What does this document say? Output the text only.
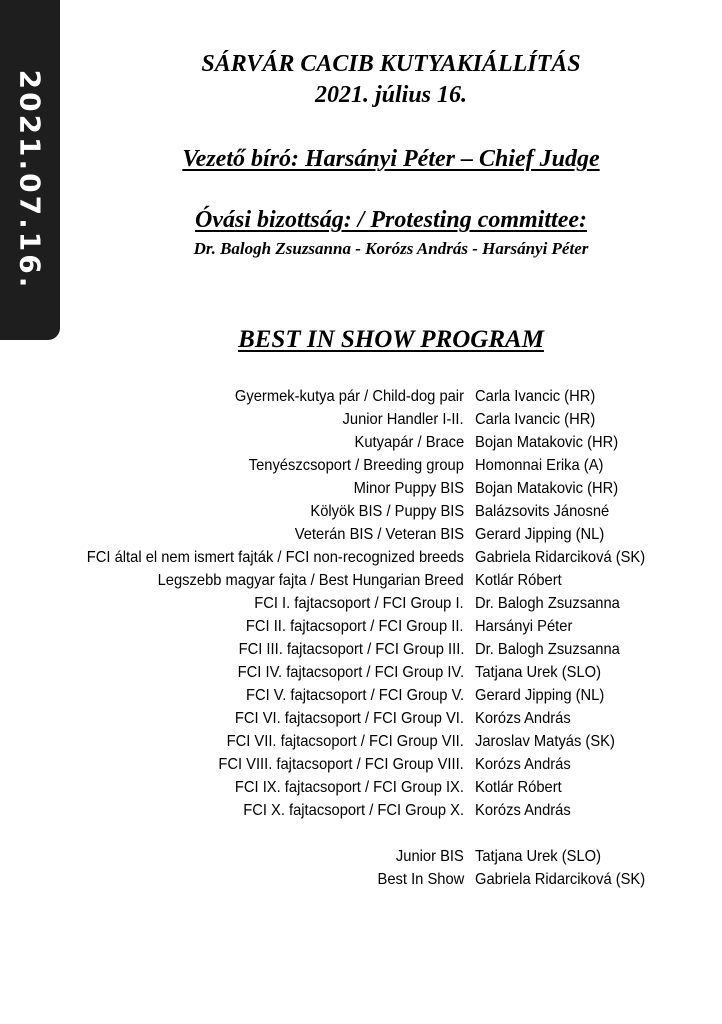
2021.07.16.
SÁRVÁR CACIB KUTYAKIÁLLÍTÁS
2021. július 16.
Vezető bíró: Harsányi Péter – Chief Judge
Óvási bizottság: / Protesting committee:
Dr. Balogh Zsuzsanna - Korózs András - Harsányi Péter
BEST IN SHOW PROGRAM
Gyermek-kutya pár / Child-dog pair Carla Ivancic (HR)
Junior Handler I-II. Carla Ivancic (HR)
Kutyapár / Brace Bojan Matakovic (HR)
Tenyészcsoport / Breeding group Homonnai Erika (A)
Minor Puppy BIS Bojan Matakovic (HR)
Kölyök BIS / Puppy BIS Balázsovits Jánosné
Veterán BIS / Veteran BIS Gerard Jipping (NL)
FCI által el nem ismert fajták / FCI non-recognized breeds Gabriela Ridarciková (SK)
Legszebb magyar fajta / Best Hungarian Breed Kotlár Róbert
FCI I. fajtacsoport / FCI Group I. Dr. Balogh Zsuzsanna
FCI II. fajtacsoport / FCI Group II. Harsányi Péter
FCI III. fajtacsoport / FCI Group III. Dr. Balogh Zsuzsanna
FCI IV. fajtacsoport / FCI Group IV. Tatjana Urek (SLO)
FCI V. fajtacsoport / FCI Group V. Gerard Jipping (NL)
FCI VI. fajtacsoport / FCI Group VI. Korózs András
FCI VII. fajtacsoport / FCI Group VII. Jaroslav Matyás (SK)
FCI VIII. fajtacsoport / FCI Group VIII. Korózs András
FCI IX. fajtacsoport / FCI Group IX. Kotlár Róbert
FCI X. fajtacsoport / FCI Group X. Korózs András
Junior BIS Tatjana Urek (SLO)
Best In Show Gabriela Ridarciková (SK)
